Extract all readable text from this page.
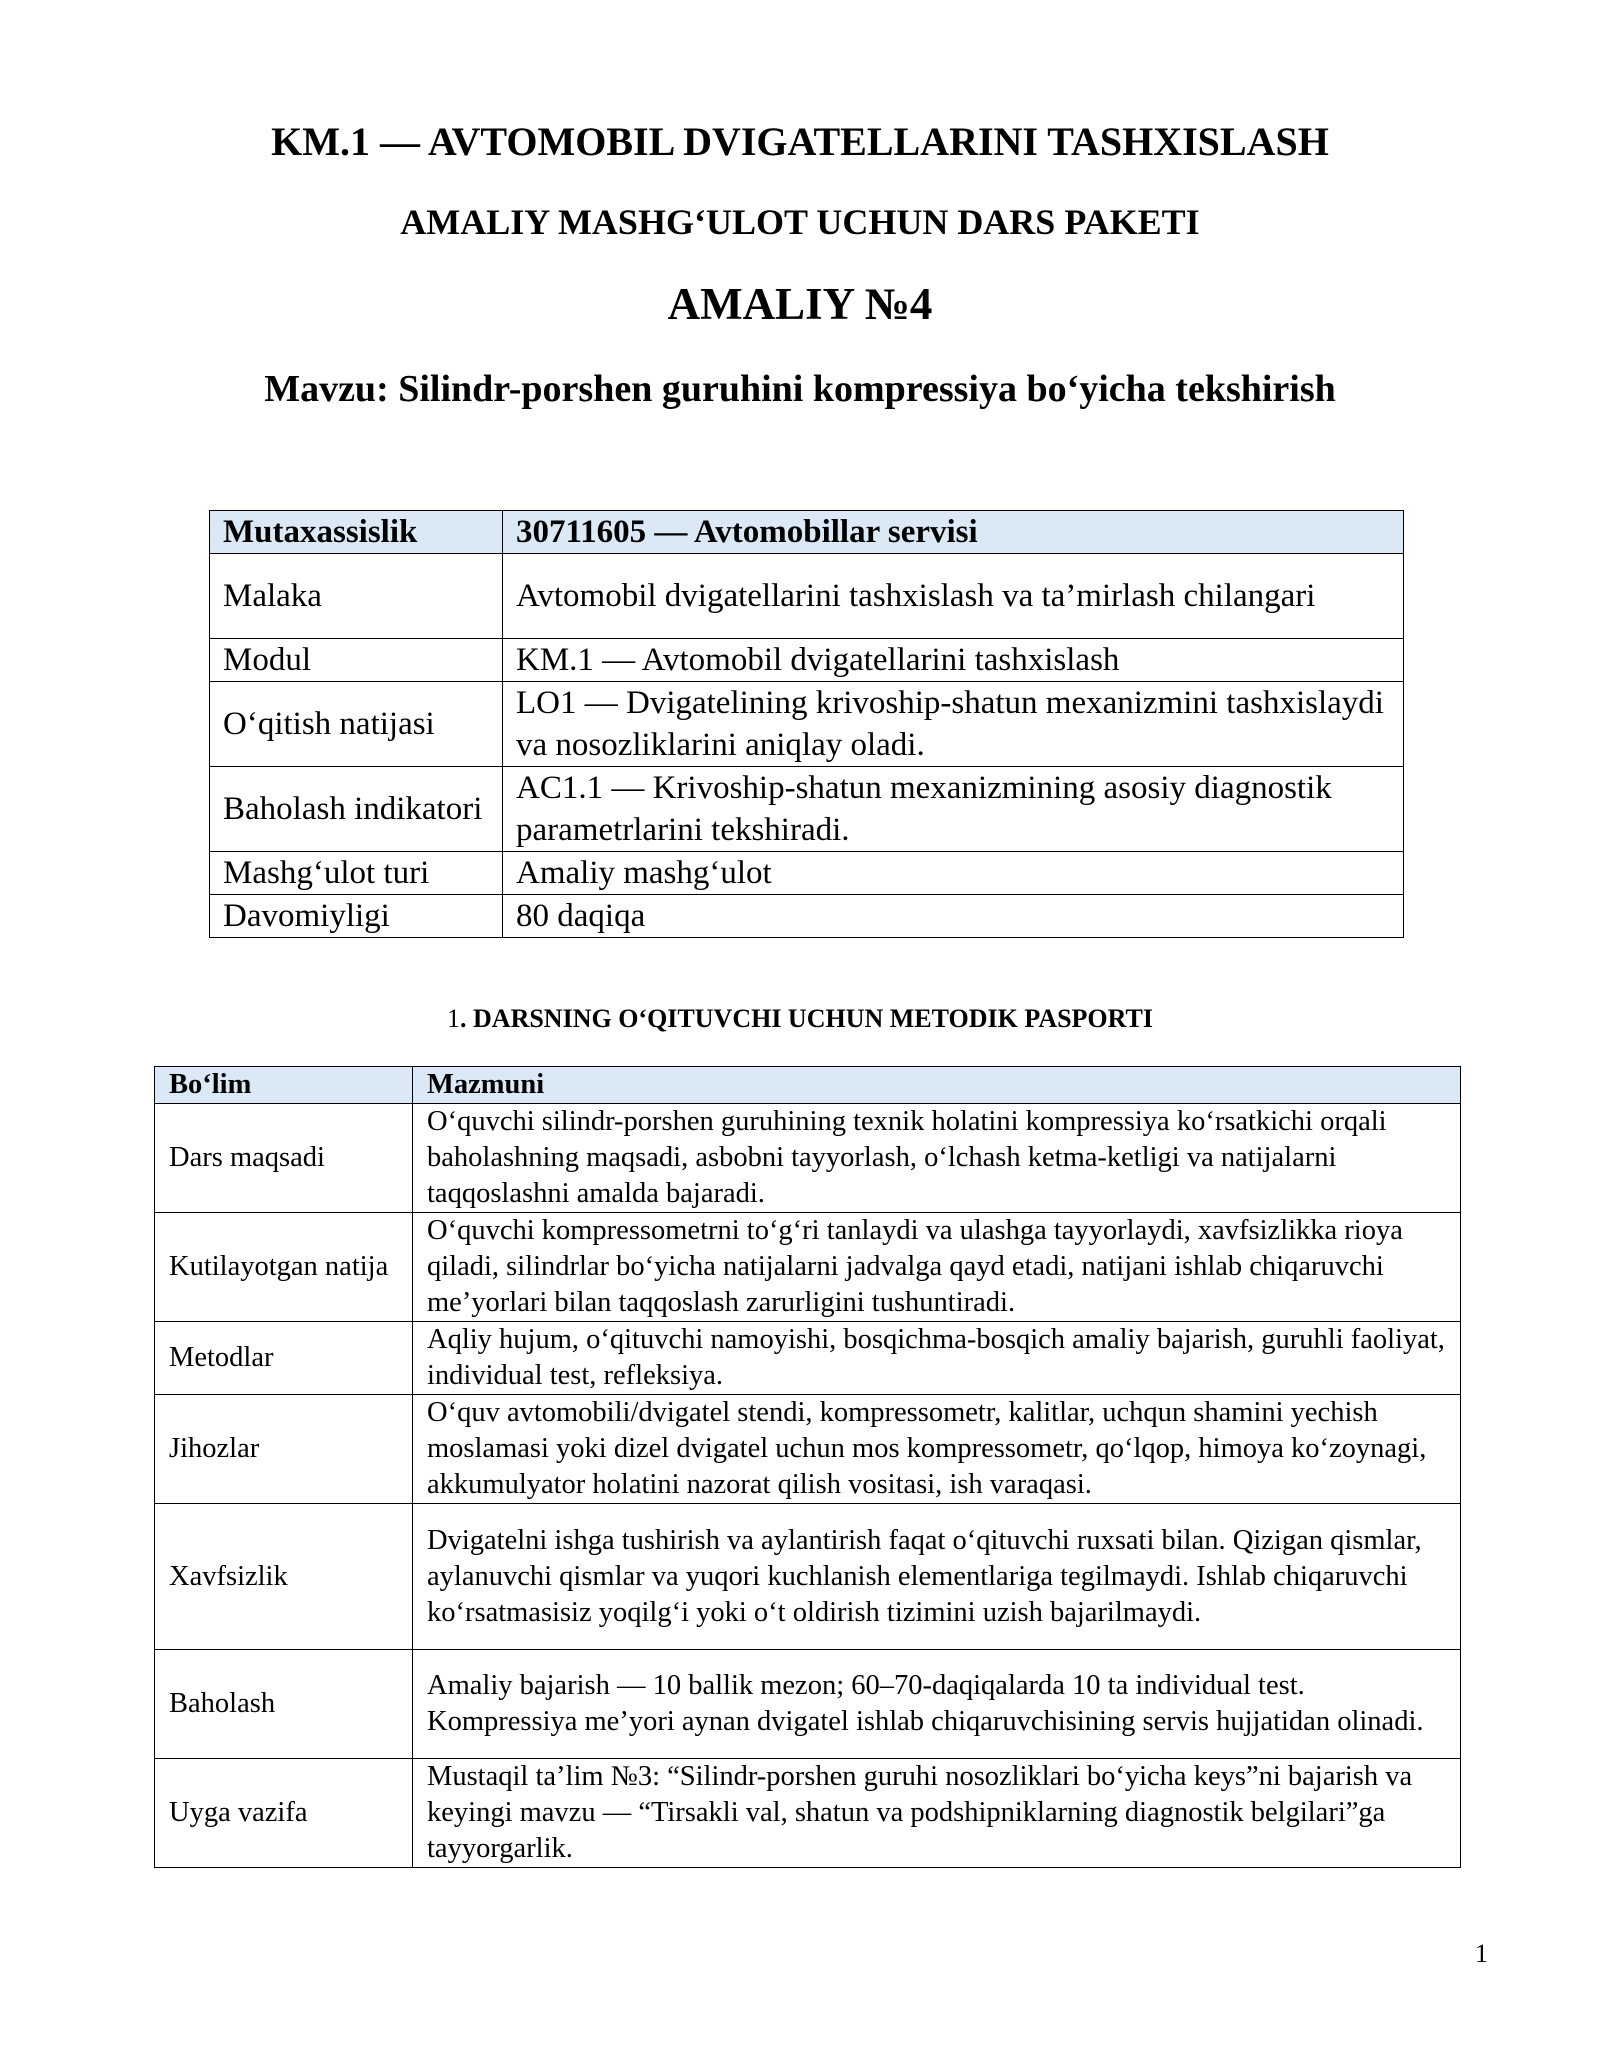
KM.1 — AVTOMOBIL DVIGATELLARINI TASHXISLASH
AMALIY MASHG‘ULOT UCHUN DARS PAKETI
AMALIY №4
Mavzu: Silindr-porshen guruhini kompressiya bo‘yicha tekshirish
Mutaxassislik	30711605 — Avtomobillar servisi
Malaka	Avtomobil dvigatellarini tashxislash va ta’mirlash chilangari
Modul	KM.1 — Avtomobil dvigatellarini tashxislash
O‘qitish natijasi	LO1 — Dvigatelining krivoship-shatun mexanizmini tashxislaydi va nosozliklarini aniqlay oladi.
Baholash indikatori	AC1.1 — Krivoship-shatun mexanizmining asosiy diagnostik parametrlarini tekshiradi.
Mashg‘ulot turi	Amaliy mashg‘ulot
Davomiyligi	80 daqiqa
1. DARSNING O‘QITUVCHI UCHUN METODIK PASPORTI
Bo‘lim	Mazmuni
Dars maqsadi	O‘quvchi silindr-porshen guruhining texnik holatini kompressiya ko‘rsatkichi orqali baholashning maqsadi, asbobni tayyorlash, o‘lchash ketma-ketligi va natijalarni taqqoslashni amalda bajaradi.
Kutilayotgan natija	O‘quvchi kompressometrni to‘g‘ri tanlaydi va ulashga tayyorlaydi, xavfsizlikka rioya qiladi, silindrlar bo‘yicha natijalarni jadvalga qayd etadi, natijani ishlab chiqaruvchi me’yorlari bilan taqqoslash zarurligini tushuntiradi.
Metodlar	Aqliy hujum, o‘qituvchi namoyishi, bosqichma-bosqich amaliy bajarish, guruhli faoliyat, individual test, refleksiya.
Jihozlar	O‘quv avtomobili/dvigatel stendi, kompressometr, kalitlar, uchqun shamini yechish moslamasi yoki dizel dvigatel uchun mos kompressometr, qo‘lqop, himoya ko‘zoynagi, akkumulyator holatini nazorat qilish vositasi, ish varaqasi.
Xavfsizlik	Dvigatelni ishga tushirish va aylantirish faqat o‘qituvchi ruxsati bilan. Qizigan qismlar, aylanuvchi qismlar va yuqori kuchlanish elementlariga tegilmaydi. Ishlab chiqaruvchi ko‘rsatmasisiz yoqilg‘i yoki o‘t oldirish tizimini uzish bajarilmaydi.
Baholash	Amaliy bajarish — 10 ballik mezon; 60–70-daqiqalarda 10 ta individual test. Kompressiya me’yori aynan dvigatel ishlab chiqaruvchisining servis hujjatidan olinadi.
Uyga vazifa	Mustaqil ta’lim №3: “Silindr-porshen guruhi nosozliklari bo‘yicha keys”ni bajarish va keyingi mavzu — “Tirsakli val, shatun va podshipniklarning diagnostik belgilari”ga tayyorgarlik.
1
